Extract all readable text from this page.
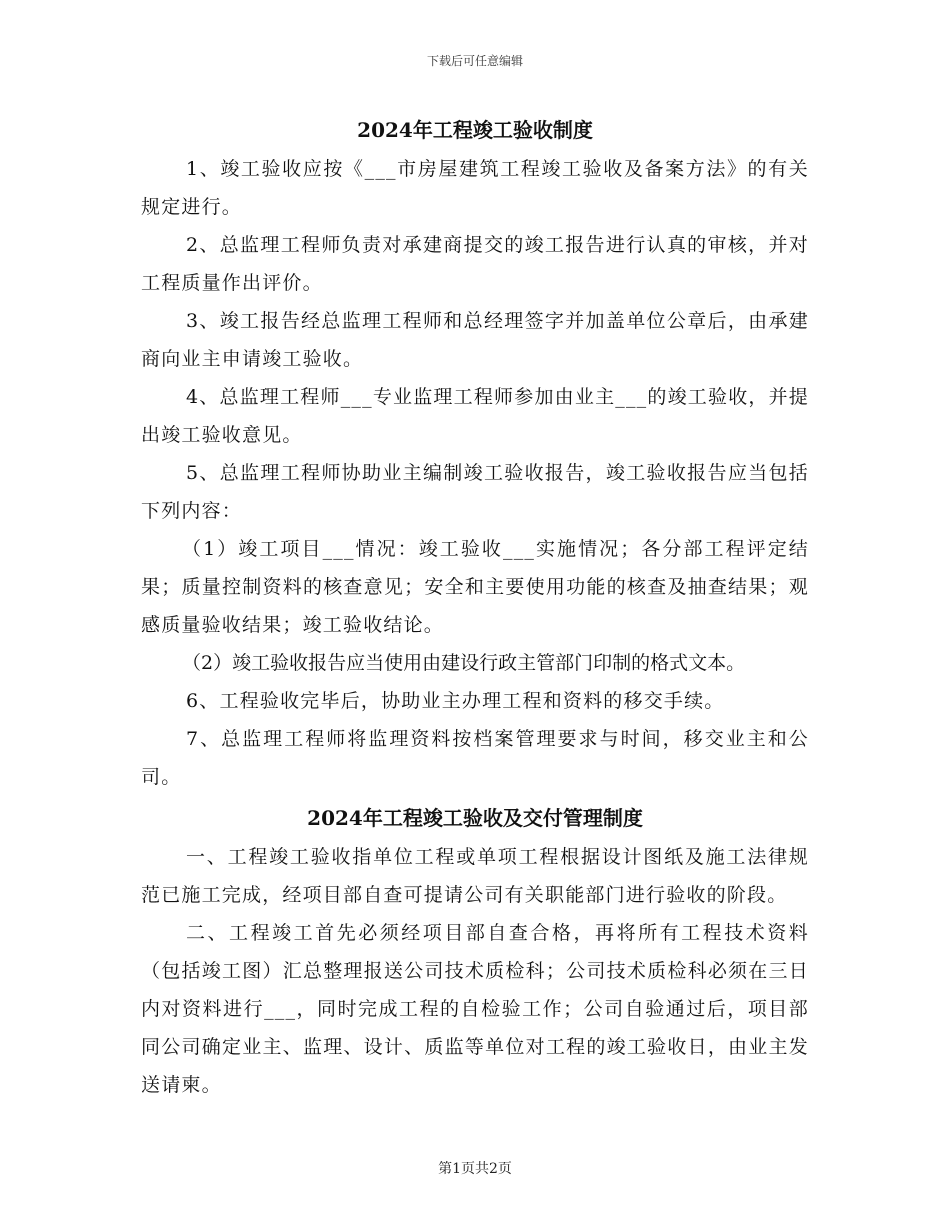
下载后可任意编辑
2024年工程竣工验收制度

1、竣工验收应按《___市房屋建筑工程竣工验收及备案方法》的有关规定进行。

2、总监理工程师负责对承建商提交的竣工报告进行认真的审核，并对工程质量作出评价。

3、竣工报告经总监理工程师和总经理签字并加盖单位公章后，由承建商向业主申请竣工验收。

4、总监理工程师___专业监理工程师参加由业主___的竣工验收，并提出竣工验收意见。

5、总监理工程师协助业主编制竣工验收报告，竣工验收报告应当包括下列内容：

（1）竣工项目___情况：竣工验收___实施情况；各分部工程评定结果；质量控制资料的核查意见；安全和主要使用功能的核查及抽查结果；观感质量验收结果；竣工验收结论。

（2）竣工验收报告应当使用由建设行政主管部门印制的格式文本。

6、工程验收完毕后，协助业主办理工程和资料的移交手续。

7、总监理工程师将监理资料按档案管理要求与时间，移交业主和公司。

2024年工程竣工验收及交付管理制度

一、工程竣工验收指单位工程或单项工程根据设计图纸及施工法律规范已施工完成，经项目部自查可提请公司有关职能部门进行验收的阶段。

二、工程竣工首先必须经项目部自查合格，再将所有工程技术资料（包括竣工图）汇总整理报送公司技术质检科；公司技术质检科必须在三日内对资料进行___，同时完成工程的自检验工作；公司自验通过后，项目部同公司确定业主、监理、设计、质监等单位对工程的竣工验收日，由业主发送请柬。

第1页共2页
